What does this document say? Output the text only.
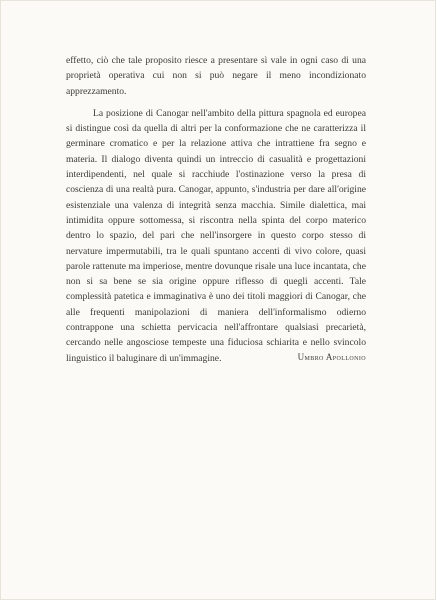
effetto, ciò che tale proposito riesce a presentare sì vale in ogni caso di una proprietà operativa cui non si può negare il meno incondizionato apprezzamento.

La posizione di Canogar nell'ambito della pittura spagnola ed europea si distingue così da quella di altri per la conformazione che ne caratterizza il germinare cromatico e per la relazione attiva che intrattiene fra segno e materia. Il dialogo diventa quindi un intreccio di casualità e progettazioni interdipendenti, nel quale si racchiude l'ostinazione verso la presa di coscienza di una realtà pura. Canogar, appunto, s'industria per dare all'origine esistenziale una valenza di integrità senza macchia. Simile dialettica, mai intimidita oppure sottomessa, si riscontra nella spinta del corpo materico dentro lo spazio, del pari che nell'insorgere in questo corpo stesso di nervature impermutabili, tra le quali spuntano accenti di vivo colore, quasi parole rattenute ma imperiose, mentre dovunque risale una luce incantata, che non si sa bene se sia origine oppure riflesso di quegli accenti. Tale complessità patetica e immaginativa è uno dei titoli maggiori di Canogar, che alle frequenti manipolazioni di maniera dell'informalismo odierno contrappone una schietta pervicacia nell'affrontare qualsiasi precarietà, cercando nelle angosciose tempeste una fiduciosa schiarita e nello svincolo linguistico il baluginare di un'immagine.	Umbro Apollonio
